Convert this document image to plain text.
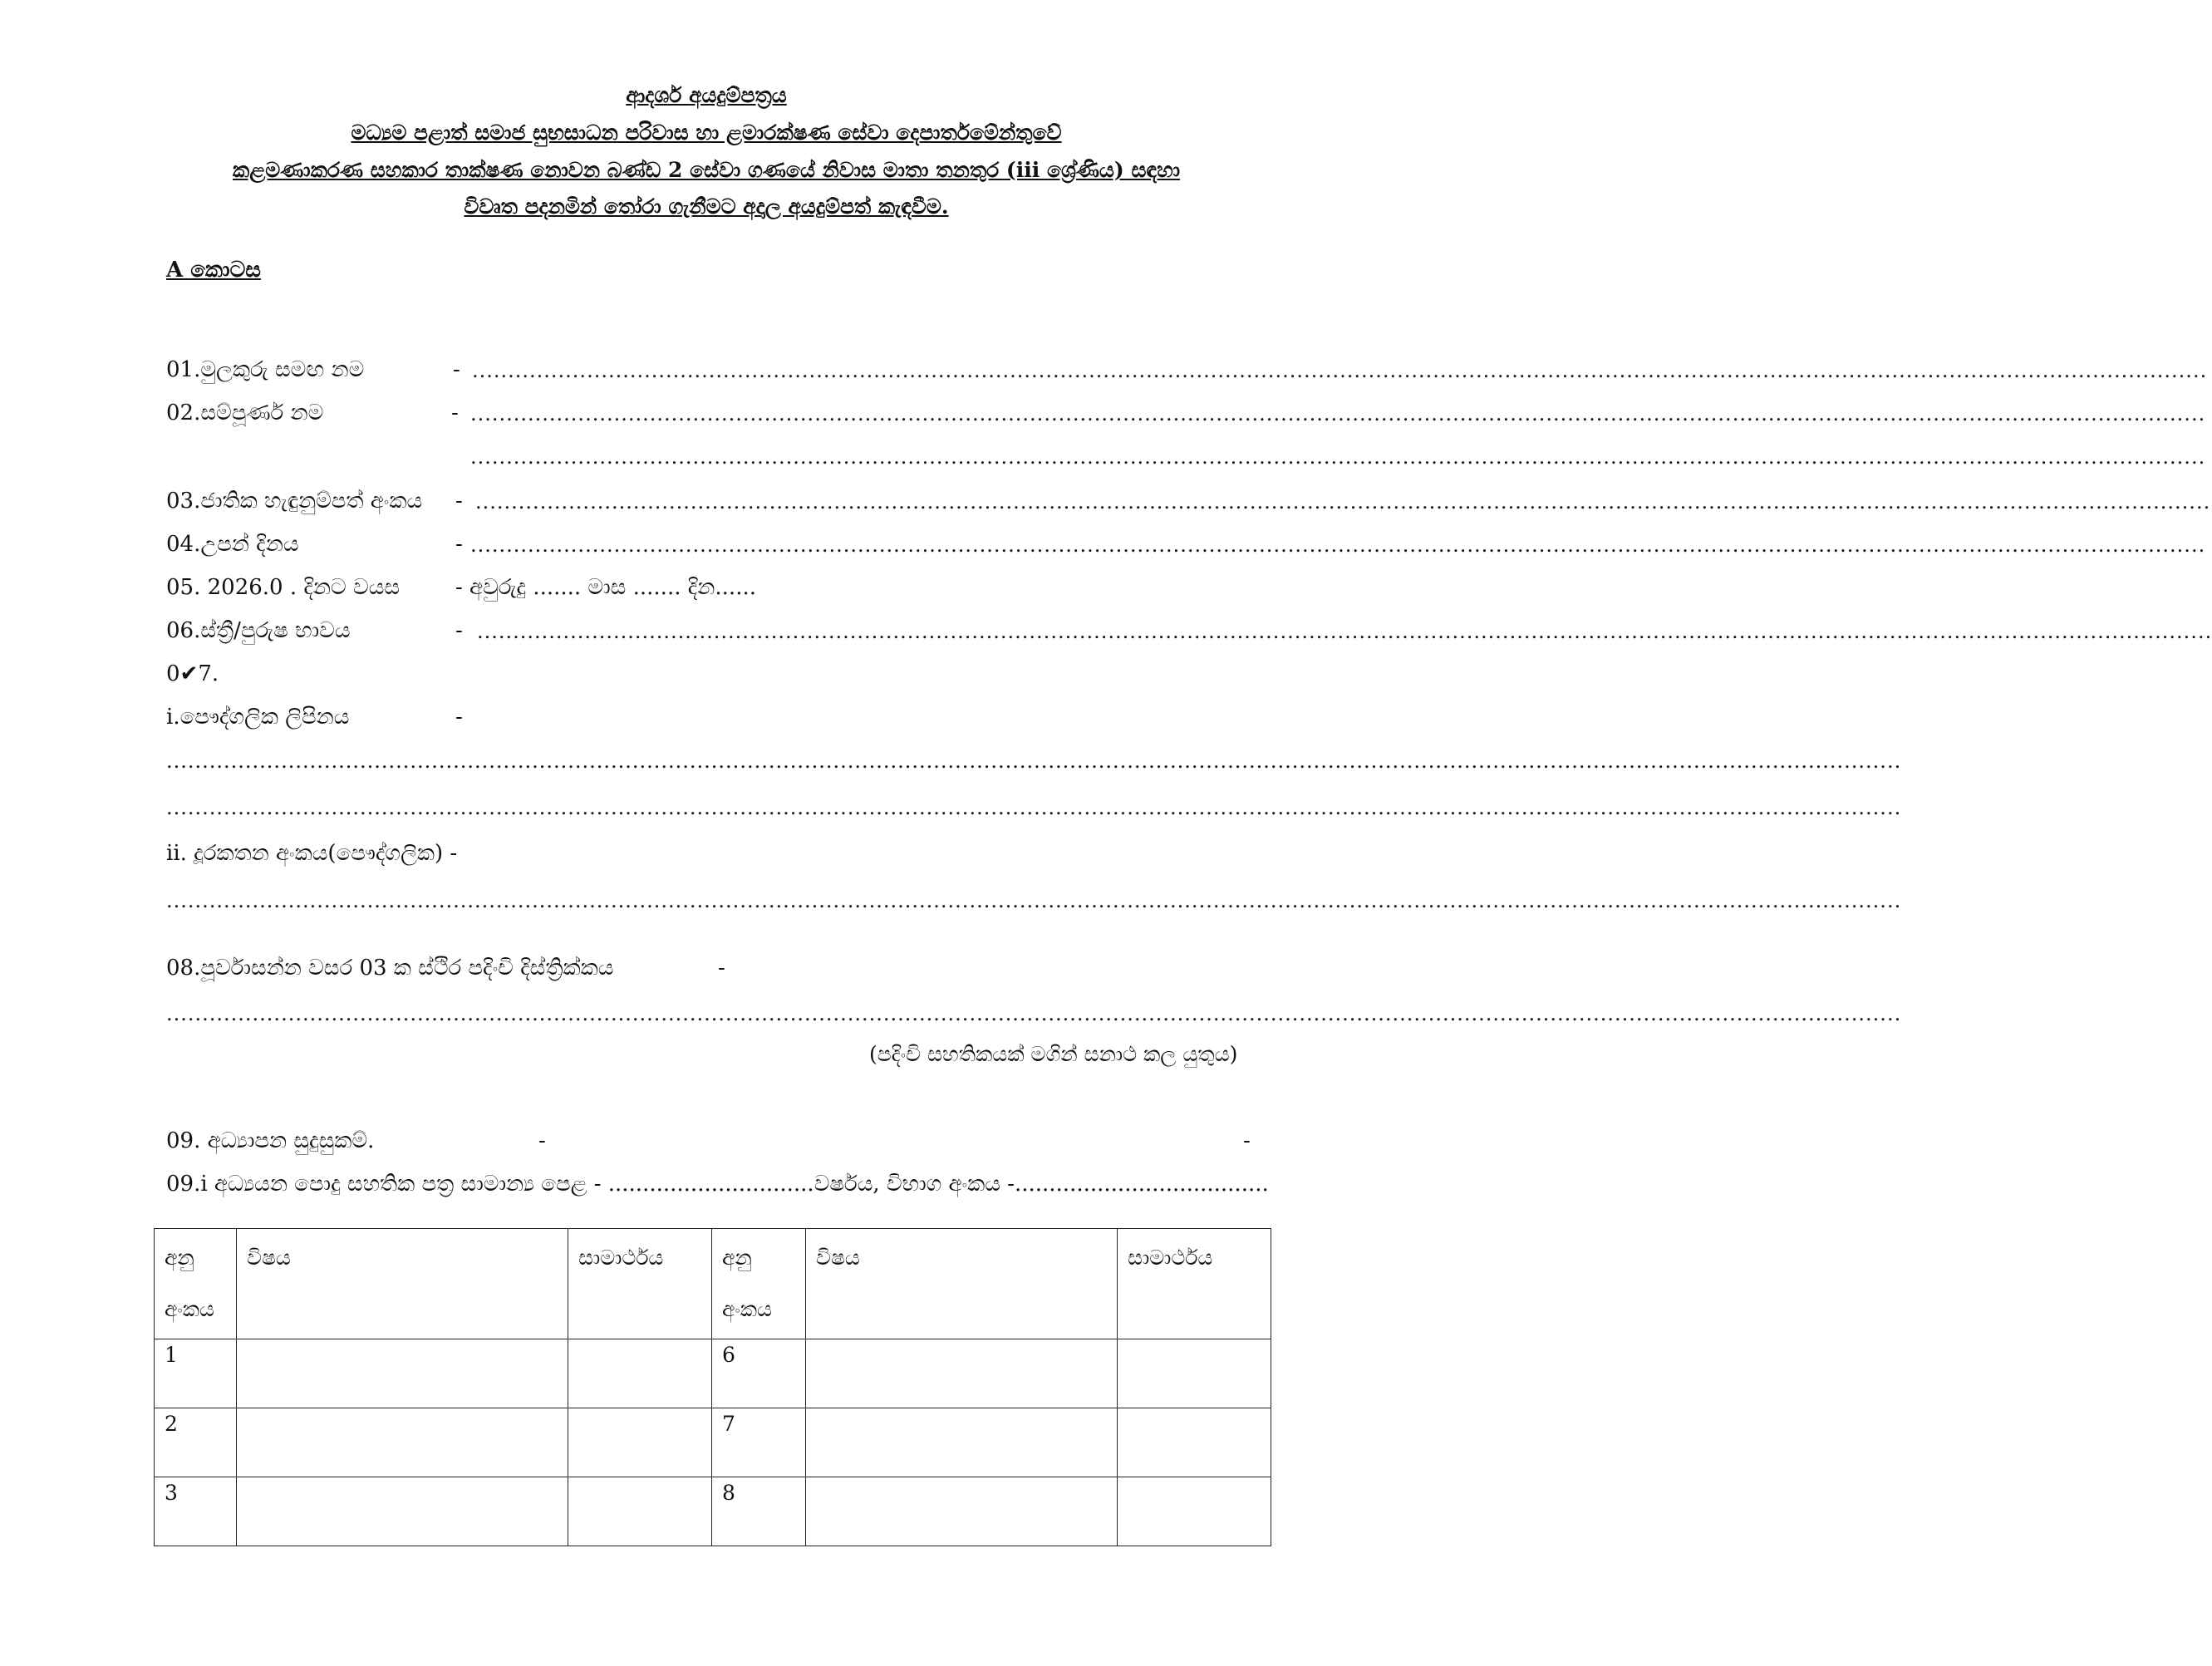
ආදර්ශ අයදුම්පත්‍රය
මධ්‍යම පළාත් සමාජ සුභසාධන පරිවාස හා ළමාරක්ෂණ සේවා දෙපාර්තමේන්තුවේ
කළමණාකරණ සහකාර තාක්ෂණ නොවන බණ්ඩ 2 සේවා ගණයේ නිවාස මාතා තනතුර (iii ශ්‍රේණිය) සඳහා
විවෘත පදනමින් තෝරා ගැනීමට අදාල අයදුම්පත් කැඳවීම.
A කොටස
01.මුලකුරු සමඟ නම	- ..................................................................................................................................................................................................................................................
02.සම්පූර්ණ නම	- ..................................................................................................................................................................................................................................................
..................................................................................................................................................................................................................................................
03.ජාතික හැඳුනුම්පත් අංකය - ..................................................................................................................................................................................................................................................
04.උපන් දිනය	- ..................................................................................................................................................................................................................................................
05. 2026.0 . දිනට වයස	- අවුරුදු ....... මාස ....... දින......
06.ස්ත්‍රී/පුරුෂ භාවය	- ..................................................................................................................................................................................................................................................
0✔7.
i.පෞද්ගලික ලිපිනය	-
..................................................................................................................................................................................................................................................
..................................................................................................................................................................................................................................................
ii. දූරකතන අංකය(පෞද්ගලික) -
..................................................................................................................................................................................................................................................
08.පූර්වාසන්න වසර 03 ක ස්ථිර පදිංචි දිස්ත්‍රික්කය	-
..................................................................................................................................................................................................................................................
(පදිංචි සහතිකයක් මගින් සනාථ කල යුතුය)
09. අධ්‍යාපන සුදුසුකම්.	-	-
09.i අධ්‍යයන පොදු සහතික පත්‍ර සාමාන්‍ය පෙළ - ..............................වර්ෂය, විභාග අංකය -.....................................
අනු අංකය	විෂය	සාමාර්ථය	අනු අංකය	විෂය	සාමාර්ථය
1			6		
2			7		
3			8		
